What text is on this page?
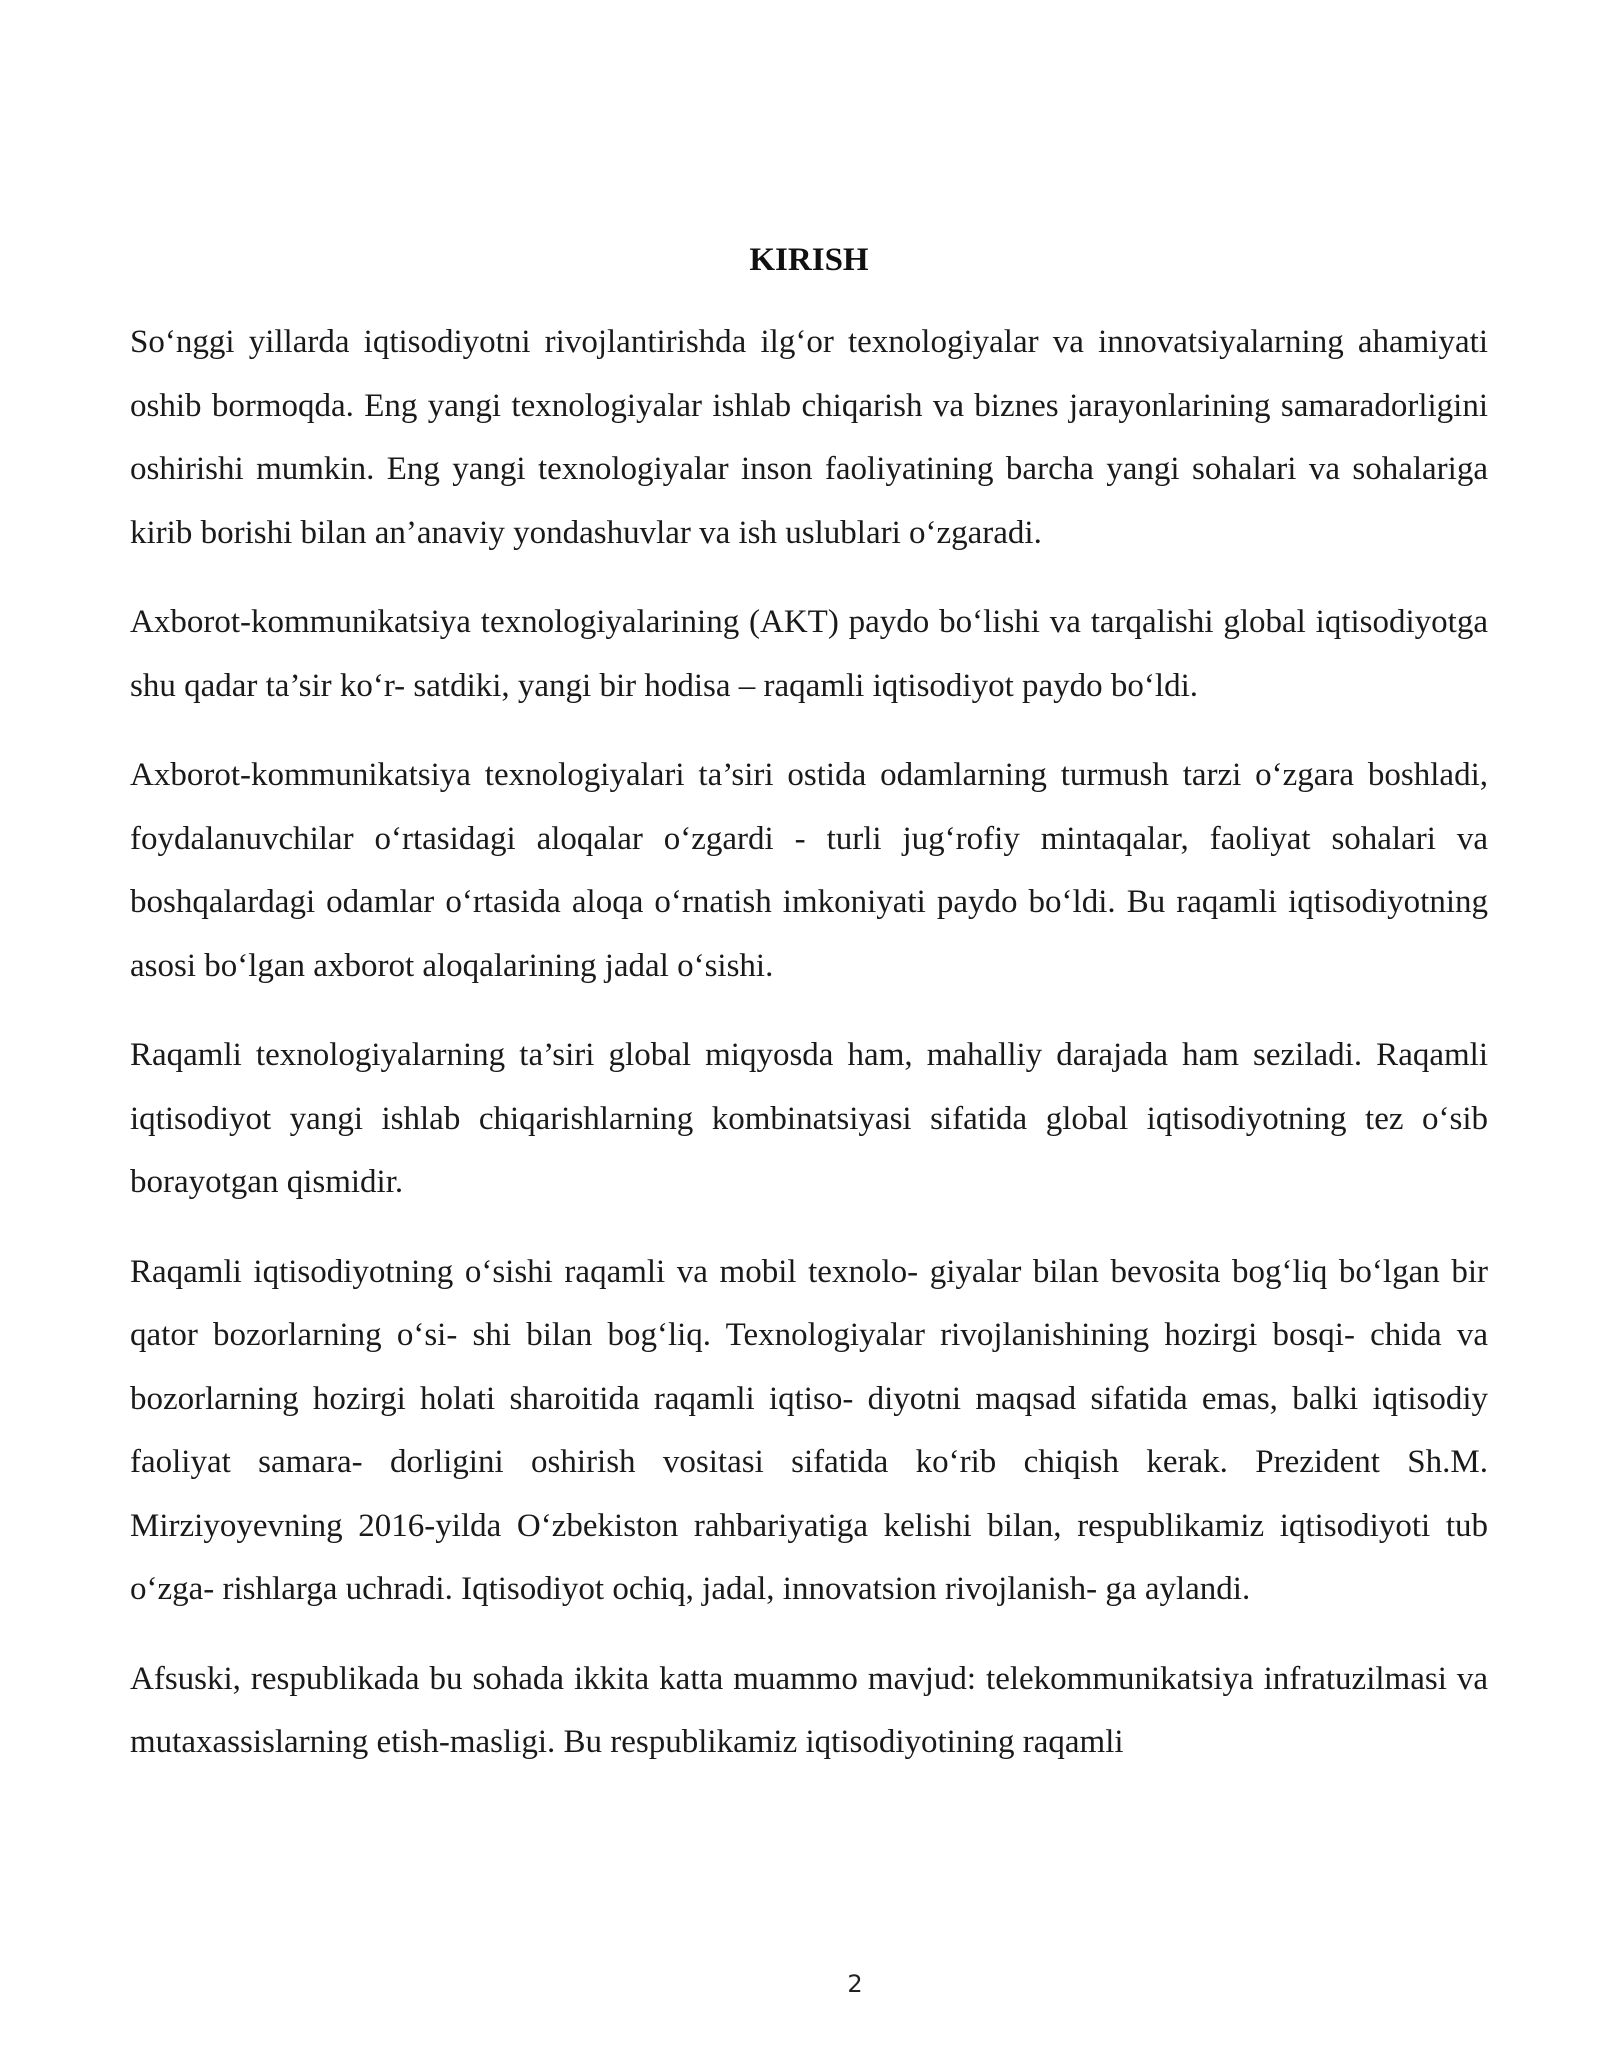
KIRISH

So‘nggi yillarda iqtisodiyotni rivojlantirishda ilg‘or texnologiyalar va innovatsiyalarning ahamiyati oshib bormoqda. Eng yangi texnologiyalar ishlab chiqarish va biznes jarayonlarining samaradorligini oshirishi mumkin. Eng yangi texnologiyalar inson faoliyatining barcha yangi sohalari va sohalariga kirib borishi bilan an’anaviy yondashuvlar va ish uslublari o‘zgaradi.

Axborot-kommunikatsiya texnologiyalarining (AKT) paydo bo‘lishi va tarqalishi global iqtisodiyotga shu qadar ta’sir ko‘r- satdiki, yangi bir hodisa – raqamli iqtisodiyot paydo bo‘ldi.

Axborot-kommunikatsiya texnologiyalari ta’siri ostida odamlarning turmush tarzi o‘zgara boshladi, foydalanuvchilar o‘rtasidagi aloqalar o‘zgardi - turli jug‘rofiy mintaqalar, faoliyat sohalari va boshqalardagi odamlar o‘rtasida aloqa o‘rnatish imkoniyati paydo bo‘ldi. Bu raqamli iqtisodiyotning asosi bo‘lgan axborot aloqalarining jadal o‘sishi.

Raqamli texnologiyalarning ta’siri global miqyosda ham, mahalliy darajada ham seziladi. Raqamli iqtisodiyot yangi ishlab chiqarishlarning kombinatsiyasi sifatida global iqtisodiyotning tez o‘sib borayotgan qismidir.

Raqamli iqtisodiyotning o‘sishi raqamli va mobil texnolo- giyalar bilan bevosita bog‘liq bo‘lgan bir qator bozorlarning o‘si- shi bilan bog‘liq. Texnologiyalar rivojlanishining hozirgi bosqi- chida va bozorlarning hozirgi holati sharoitida raqamli iqtiso- diyotni maqsad sifatida emas, balki iqtisodiy faoliyat samara- dorligini oshirish vositasi sifatida ko‘rib chiqish kerak. Prezident Sh.M. Mirziyoyevning 2016-yilda O‘zbekiston rahbariyatiga kelishi bilan, respublikamiz iqtisodiyoti tub o‘zga- rishlarga uchradi. Iqtisodiyot ochiq, jadal, innovatsion rivojlanish- ga aylandi.

Afsuski, respublikada bu sohada ikkita katta muammo mavjud: telekommunikatsiya infratuzilmasi va mutaxassislarning etish-masligi. Bu respublikamiz iqtisodiyotining raqamli

2
